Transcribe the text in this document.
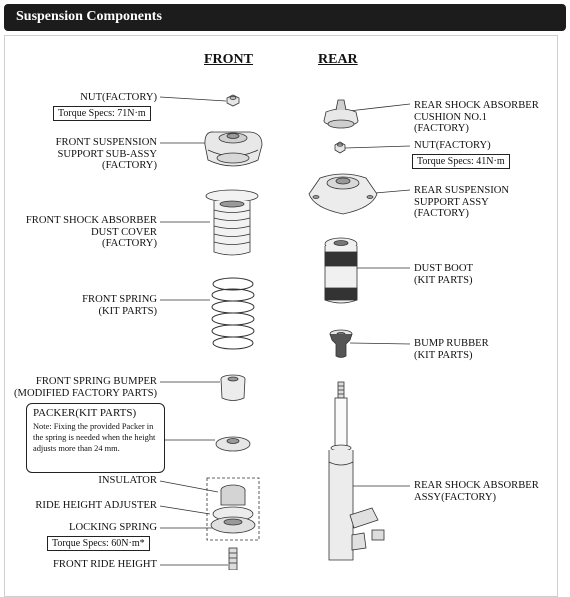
Suspension Components
FRONT	REAR
NUT(FACTORY)
Torque Specs: 71N·m
FRONT SUSPENSION
SUPPORT SUB-ASSY
(FACTORY)
FRONT SHOCK ABSORBER
DUST COVER
(FACTORY)
FRONT SPRING
(KIT PARTS)
FRONT SPRING BUMPER
(MODIFIED FACTORY PARTS)
PACKER(KIT PARTS)
Note: Fixing the provided Packer in the spring is needed when the height adjusts more than 24 mm.
INSULATOR
RIDE HEIGHT ADJUSTER
LOCKING SPRING
Torque Specs: 60N·m*
FRONT RIDE HEIGHT
REAR SHOCK ABSORBER
CUSHION NO.1
(FACTORY)
NUT(FACTORY)
Torque Specs: 41N·m
REAR SUSPENSION
SUPPORT ASSY
(FACTORY)
DUST BOOT
(KIT PARTS)
BUMP RUBBER
(KIT PARTS)
REAR SHOCK ABSORBER
ASSY(FACTORY)
